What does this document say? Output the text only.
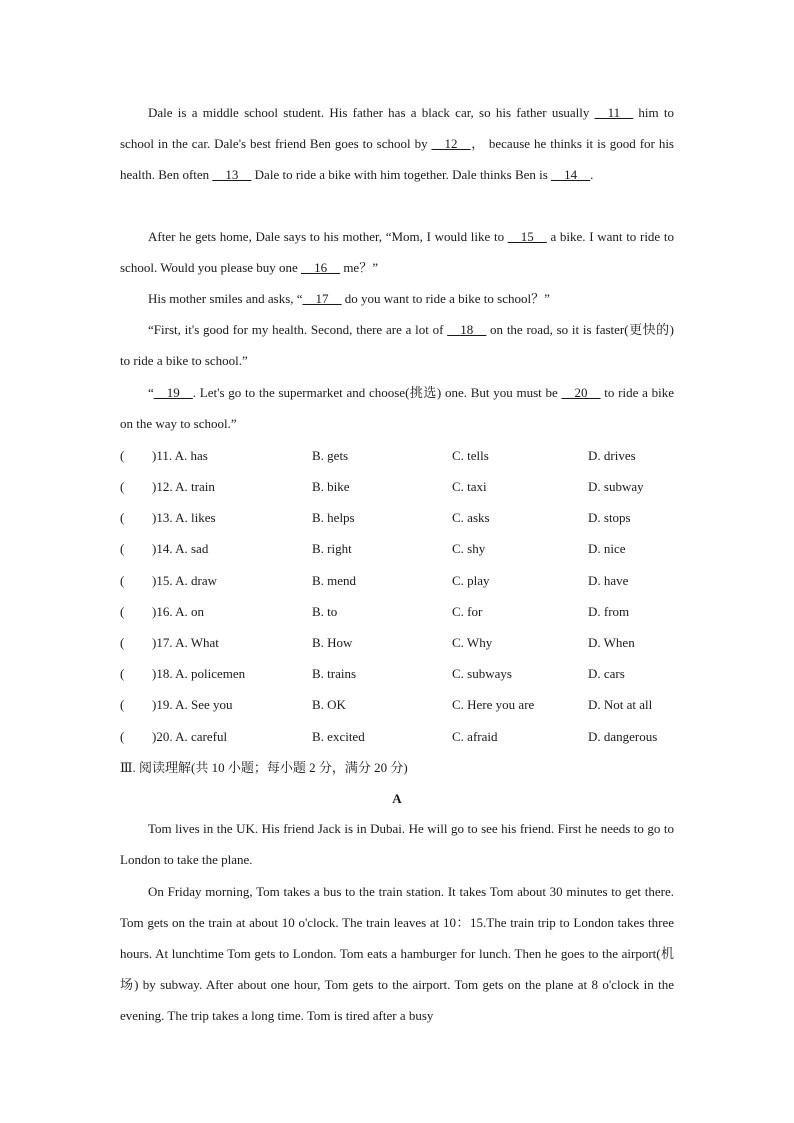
Dale is a middle school student. His father has a black car, so his father usually __11__ him to school in the car. Dale's best friend Ben goes to school by __12__， because he thinks it is good for his health. Ben often __13__ Dale to ride a bike with him together. Dale thinks Ben is __14__.

After he gets home, Dale says to his mother, “Mom, I would like to __15__ a bike. I want to ride to school. Would you please buy one __16__ me？”

His mother smiles and asks, “__17__ do you want to ride a bike to school？”

“First, it's good for my health. Second, there are a lot of __18__ on the road, so it is faster(更快的) to ride a bike to school.”

“__19__. Let's go to the supermarket and choose(挑选) one. But you must be __20__ to ride a bike on the way to school.”

( )11. A. has	B. gets	C. tells	D. drives
( )12. A. train	B. bike	C. taxi	D. subway
( )13. A. likes	B. helps	C. asks	D. stops
( )14. A. sad	B. right	C. shy	D. nice
( )15. A. draw	B. mend	C. play	D. have
( )16. A. on	B. to	C. for	D. from
( )17. A. What	B. How	C. Why	D. When
( )18. A. policemen	B. trains	C. subways	D. cars
( )19. A. See you	B. OK	C. Here you are	D. Not at all
( )20. A. careful	B. excited	C. afraid	D. dangerous
Ⅲ. 阅读理解(共 10 小题；每小题 2 分，满分 20 分)
A

Tom lives in the UK. His friend Jack is in Dubai. He will go to see his friend. First he needs to go to London to take the plane.

On Friday morning, Tom takes a bus to the train station. It takes Tom about 30 minutes to get there. Tom gets on the train at about 10 o'clock. The train leaves at 10：15.The train trip to London takes three hours. At lunchtime Tom gets to London. Tom eats a hamburger for lunch. Then he goes to the airport(机场) by subway. After about one hour, Tom gets to the airport. Tom gets on the plane at 8 o'clock in the evening. The trip takes a long time. Tom is tired after a busy
